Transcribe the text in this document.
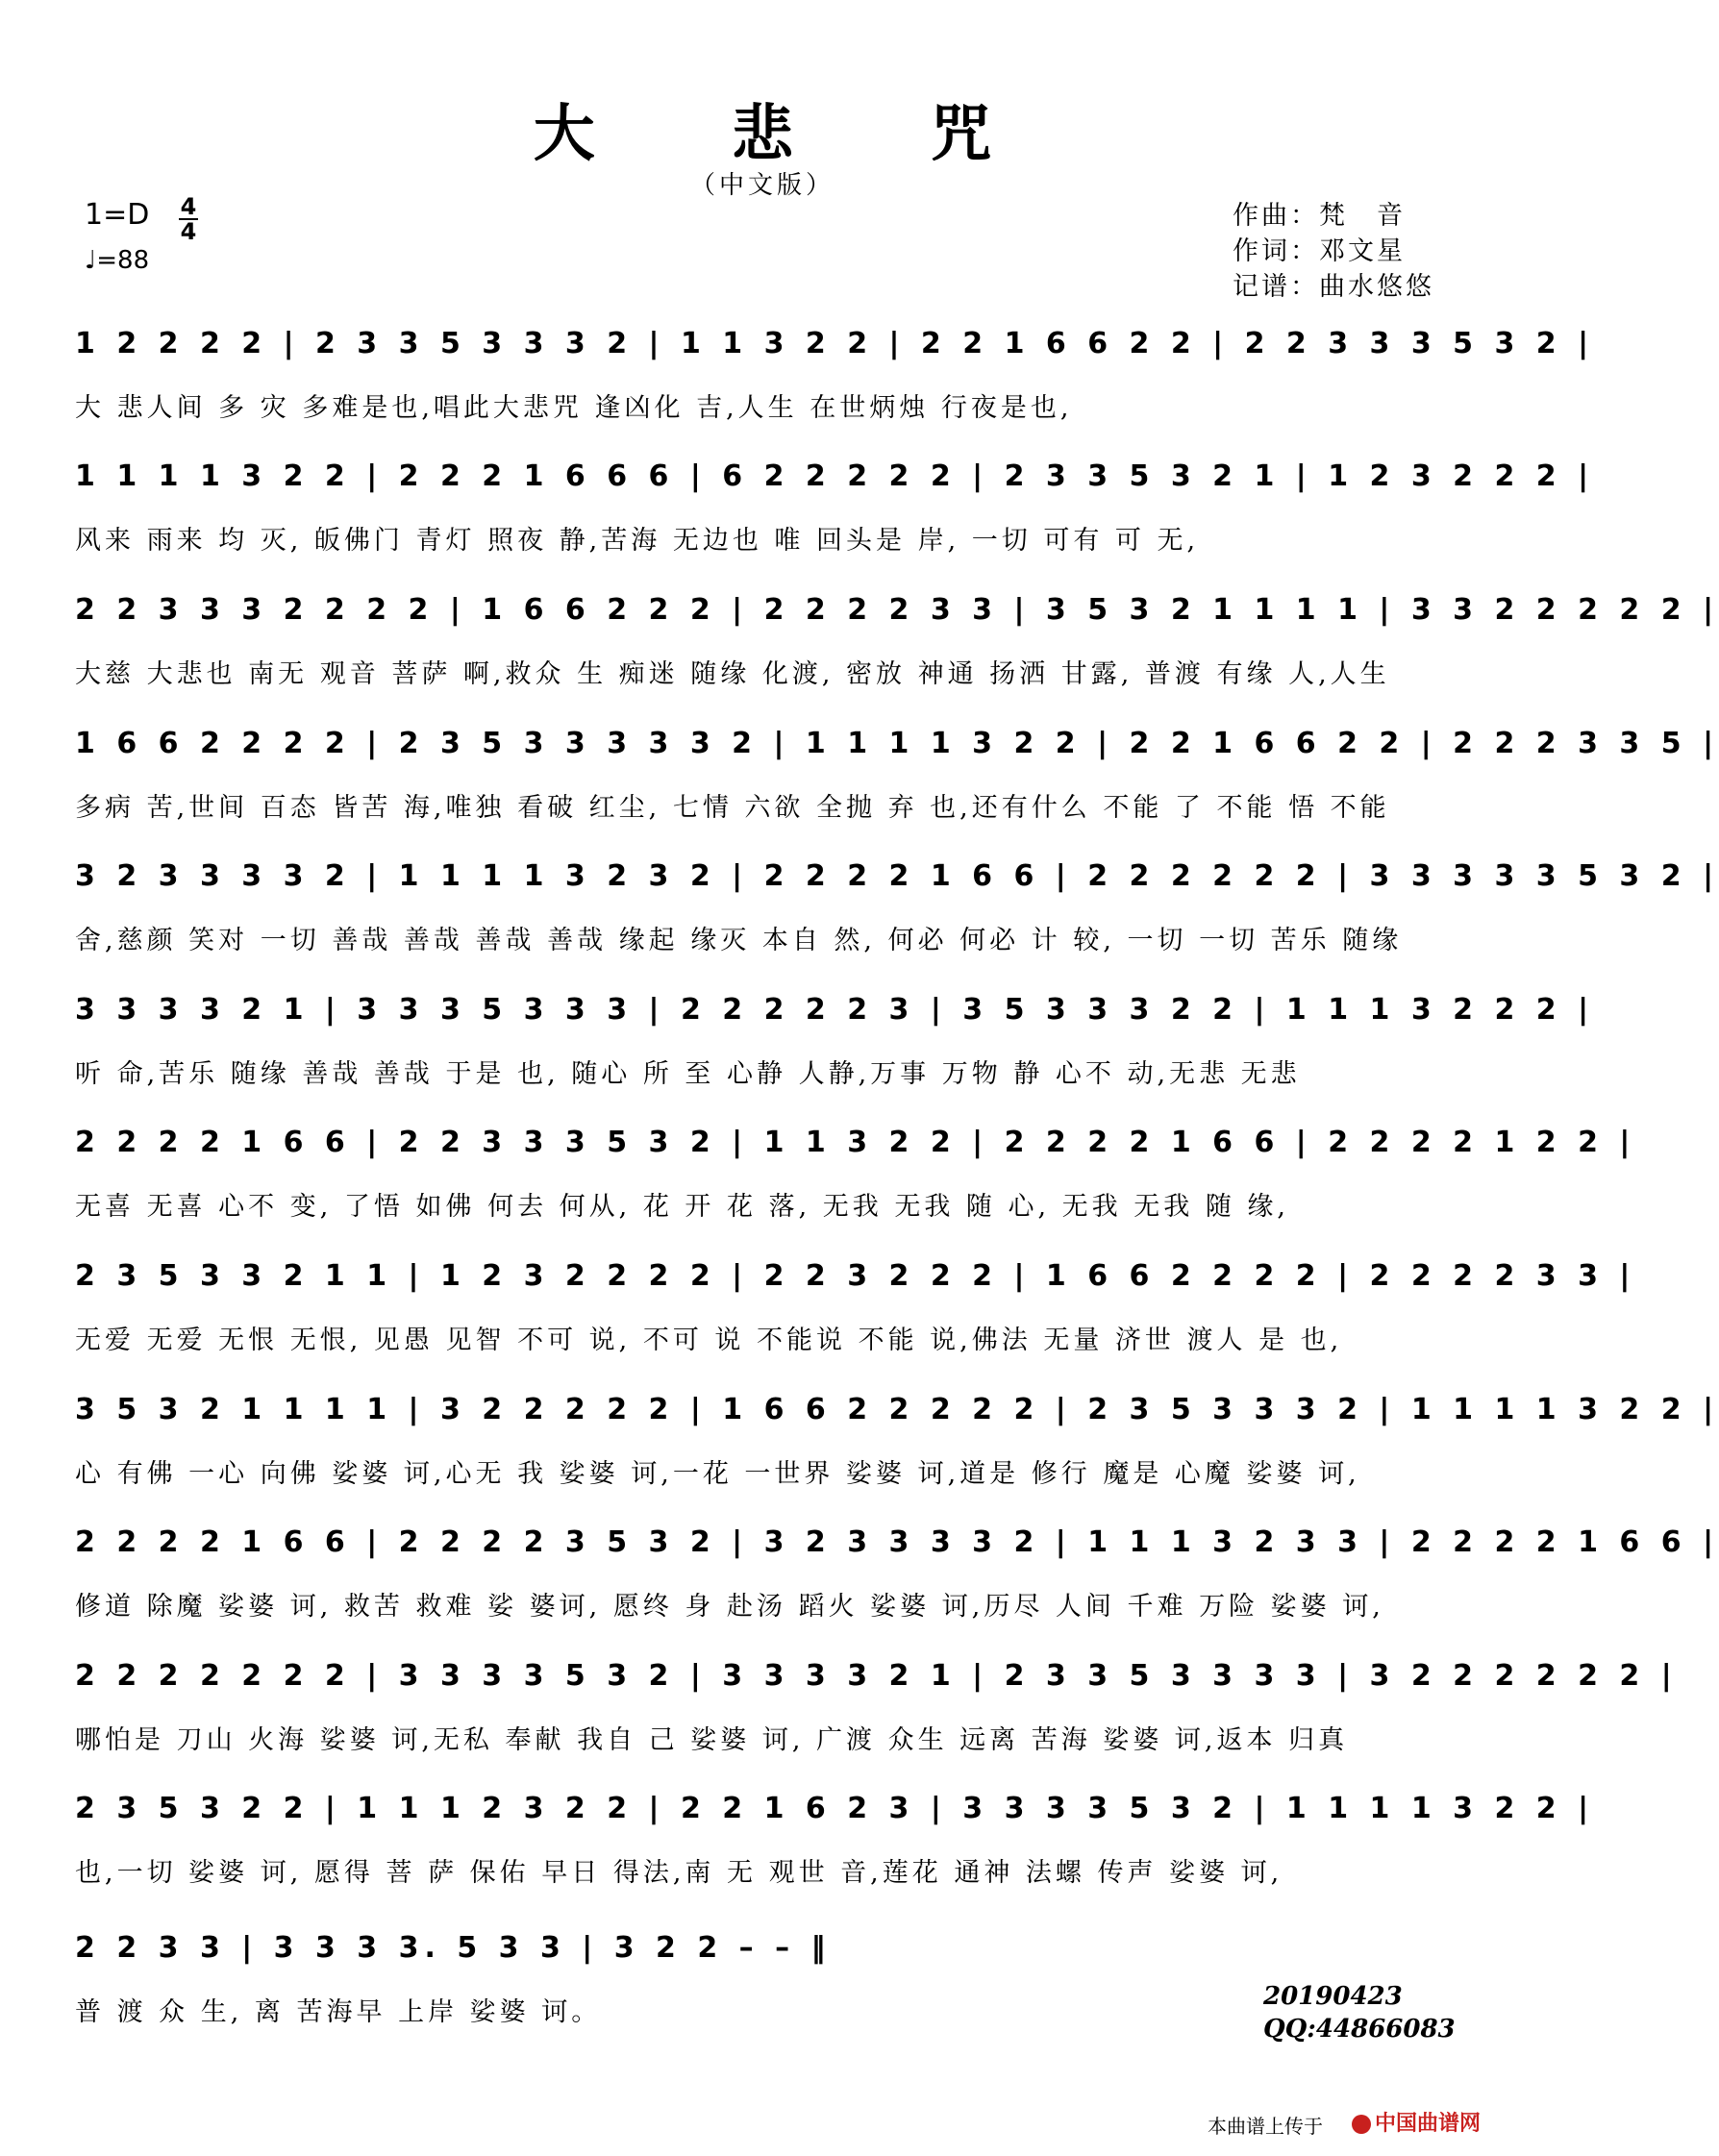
大 悲 咒
（中文版）
1=D 4
4
♩=88
作曲：梵　音
作词：邓文星
记谱：曲水悠悠
1 2 2 2 2 | 2 3 3 5 3 3 3 2 | 1 1 3 2 2 | 2 2 1 6 6 2 2 | 2 2 3 3 3 5 3 2 |
大 悲人间 多 灾 多难是也,唱此大悲咒 逢凶化 吉,人生 在世炳烛 行夜是也,
1 1 1 1 3 2 2 | 2 2 2 1 6 6 6 | 6 2 2 2 2 2 | 2 3 3 5 3 2 1 | 1 2 3 2 2 2 |
风来 雨来 均 灭, 皈佛门 青灯 照夜 静,苦海 无边也 唯 回头是 岸, 一切 可有 可 无,
2 2 3 3 3 2 2 2 2 | 1 6 6 2 2 2 | 2 2 2 2 3 3 | 3 5 3 2 1 1 1 1 | 3 3 2 2 2 2 2 |
大慈 大悲也 南无 观音 菩萨 啊,救众 生 痴迷 随缘 化渡, 密放 神通 扬洒 甘露, 普渡 有缘 人,人生
1 6 6 2 2 2 2 | 2 3 5 3 3 3 3 3 2 | 1 1 1 1 3 2 2 | 2 2 1 6 6 2 2 | 2 2 2 3 3 5 |
多病 苦,世间 百态 皆苦 海,唯独 看破 红尘, 七情 六欲 全抛 弃 也,还有什么 不能 了 不能 悟 不能
3 2 3 3 3 3 2 | 1 1 1 1 3 2 3 2 | 2 2 2 2 1 6 6 | 2 2 2 2 2 2 | 3 3 3 3 3 5 3 2 |
舍,慈颜 笑对 一切 善哉 善哉 善哉 善哉 缘起 缘灭 本自 然, 何必 何必 计 较, 一切 一切 苦乐 随缘
3 3 3 3 2 1 | 3 3 3 5 3 3 3 | 2 2 2 2 2 3 | 3 5 3 3 3 2 2 | 1 1 1 3 2 2 2 |
听 命,苦乐 随缘 善哉 善哉 于是 也, 随心 所 至 心静 人静,万事 万物 静 心不 动,无悲 无悲
2 2 2 2 1 6 6 | 2 2 3 3 3 5 3 2 | 1 1 3 2 2 | 2 2 2 2 1 6 6 | 2 2 2 2 1 2 2 |
无喜 无喜 心不 变, 了悟 如佛 何去 何从, 花 开 花 落, 无我 无我 随 心, 无我 无我 随 缘,
2 3 5 3 3 2 1 1 | 1 2 3 2 2 2 2 | 2 2 3 2 2 2 | 1 6 6 2 2 2 2 | 2 2 2 2 3 3 |
无爱 无爱 无恨 无恨, 见愚 见智 不可 说, 不可 说 不能说 不能 说,佛法 无量 济世 渡人 是 也,
3 5 3 2 1 1 1 1 | 3 2 2 2 2 2 | 1 6 6 2 2 2 2 2 | 2 3 5 3 3 3 2 | 1 1 1 1 3 2 2 |
心 有佛 一心 向佛 娑婆 诃,心无 我 娑婆 诃,一花 一世界 娑婆 诃,道是 修行 魔是 心魔 娑婆 诃,
2 2 2 2 1 6 6 | 2 2 2 2 3 5 3 2 | 3 2 3 3 3 3 2 | 1 1 1 3 2 3 3 | 2 2 2 2 1 6 6 |
修道 除魔 娑婆 诃, 救苦 救难 娑 婆诃, 愿终 身 赴汤 蹈火 娑婆 诃,历尽 人间 千难 万险 娑婆 诃,
2 2 2 2 2 2 2 | 3 3 3 3 5 3 2 | 3 3 3 3 2 1 | 2 3 3 5 3 3 3 3 | 3 2 2 2 2 2 2 |
哪怕是 刀山 火海 娑婆 诃,无私 奉献 我自 己 娑婆 诃, 广渡 众生 远离 苦海 娑婆 诃,返本 归真
2 3 5 3 2 2 | 1 1 1 2 3 2 2 | 2 2 1 6 2 3 | 3 3 3 3 5 3 2 | 1 1 1 1 3 2 2 |
也,一切 娑婆 诃, 愿得 菩 萨 保佑 早日 得法,南 无 观世 音,莲花 通神 法螺 传声 娑婆 诃,
2 2 3 3 | 3 3 3 3. 5 3 3 | 3 2 2 – – ‖
普 渡 众 生, 离 苦海早 上岸 娑婆 诃。
20190423
QQ:44866083
本曲谱上传于	中国曲谱网
